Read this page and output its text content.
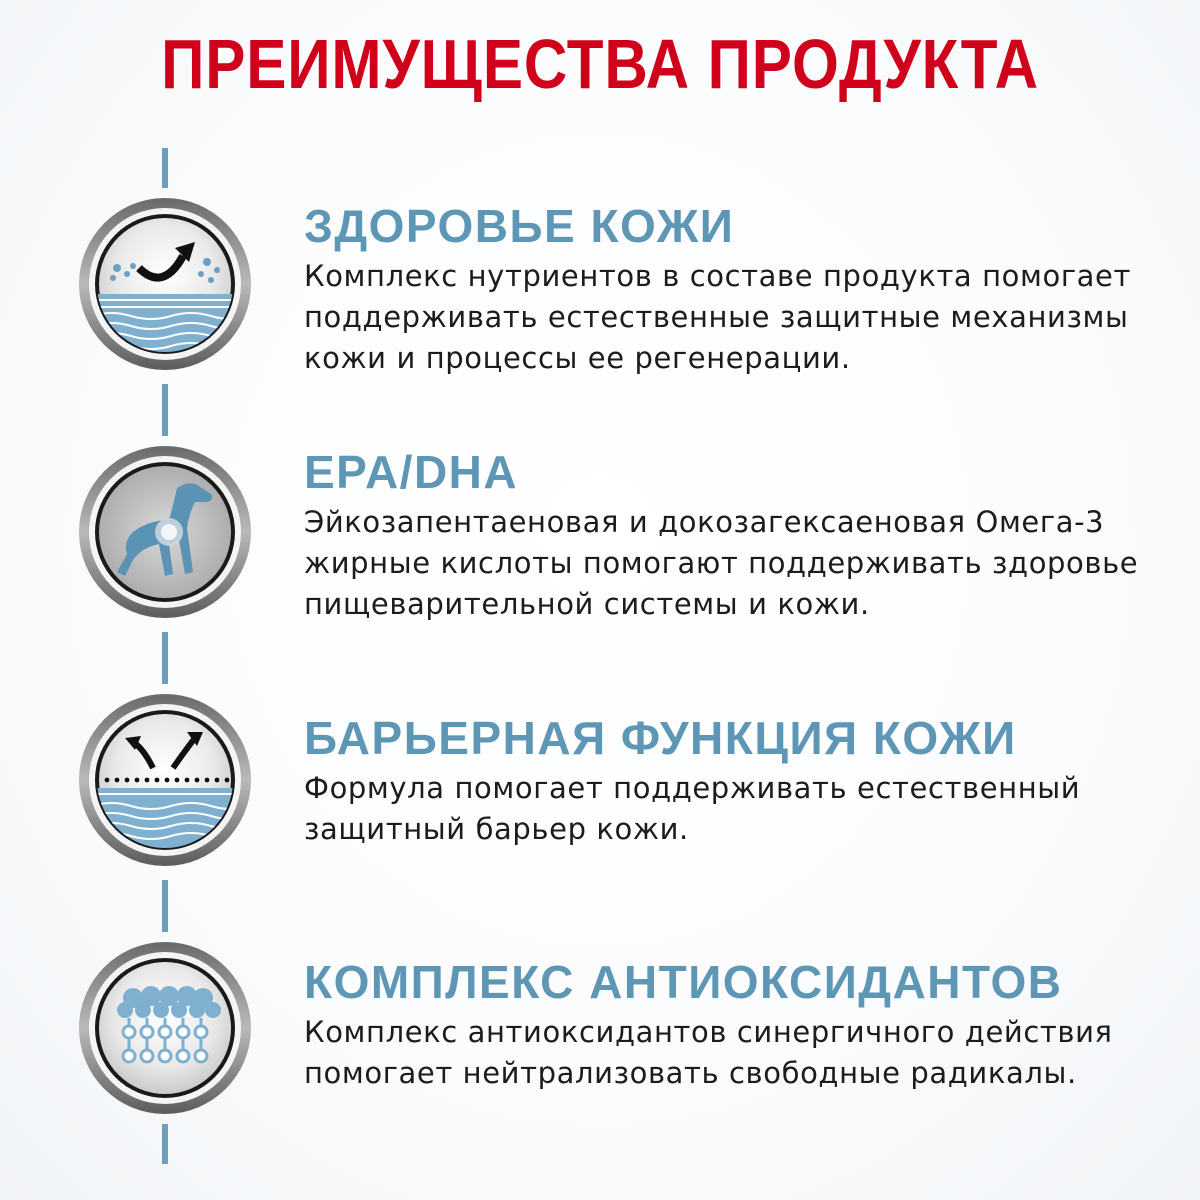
ПРЕИМУЩЕСТВА ПРОДУКТА
ЗДОРОВЬЕ КОЖИ

Комплекс нутриентов в составе продукта помогает
поддерживать естественные защитные механизмы
кожи и процессы ее регенерации.

EPA/DHA

Эйкозапентаеновая и докозагексаеновая Омега-3
жирные кислоты помогают поддерживать здоровье
пищеварительной системы и кожи.

БАРЬЕРНАЯ ФУНКЦИЯ КОЖИ

Формула помогает поддерживать естественный
защитный барьер кожи.

КОМПЛЕКС АНТИОКСИДАНТОВ

Комплекс антиоксидантов синергичного действия
помогает нейтрализовать свободные радикалы.
